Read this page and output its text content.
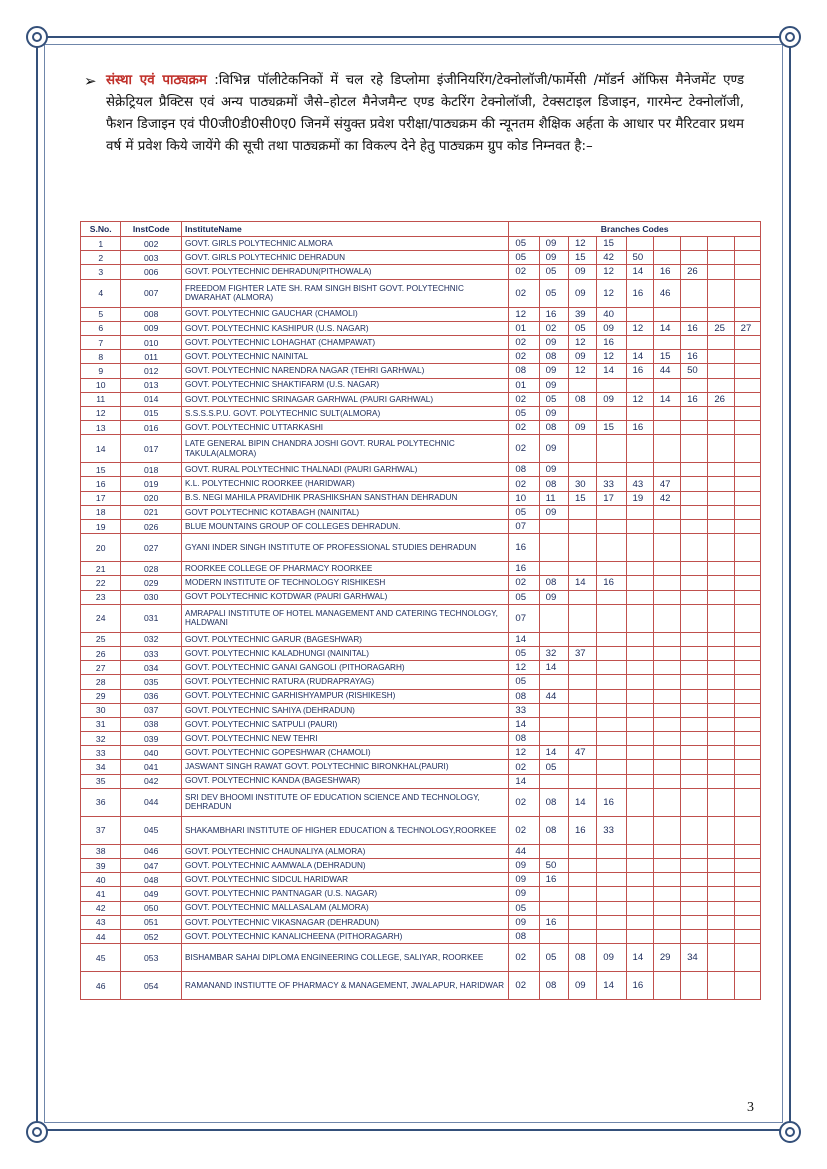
➢ संस्था एवं पाठ्यक्रम :विभिन्न पॉलीटेकनिकों में चल रहे डिप्लोमा इंजीनियरिंग/टेक्नोलॉजी/फार्मेसी /मॉडर्न ऑफिस मैनेजमेंट एण्ड सेक्रेट्रियल प्रैक्टिस एवं अन्य पाठ्यक्रमों जैसे–होटल मैनेजमैन्ट एण्ड केटरिंग टेक्नोलॉजी, टेक्सटाइल डिजाइन, गारमेन्ट टेक्नोलॉजी, फैशन डिजाइन एवं पी0जी0डी0सी0ए0 जिनमें संयुक्त प्रवेश परीक्षा/पाठ्यक्रम की न्यूनतम शैक्षिक अर्हता के आधार पर मैरिटवार प्रथम वर्ष में प्रवेश किये जायेंगे की सूची तथा पाठ्यक्रमों का विकल्प देने हेतु पाठ्यक्रम ग्रुप कोड निम्नवत है:–
S.No.	InstCode	InstituteName	Branches Codes								
1	002	GOVT. GIRLS POLYTECHNIC ALMORA	05	09	12	15					
2	003	GOVT. GIRLS POLYTECHNIC DEHRADUN	05	09	15	42	50				
3	006	GOVT. POLYTECHNIC DEHRADUN(PITHOWALA)	02	05	09	12	14	16	26		
4	007	FREEDOM FIGHTER LATE SH. RAM SINGH BISHT GOVT. POLYTECHNIC DWARAHAT (ALMORA)	02	05	09	12	16	46			
5	008	GOVT. POLYTECHNIC GAUCHAR (CHAMOLI)	12	16	39	40					
6	009	GOVT. POLYTECHNIC KASHIPUR (U.S. NAGAR)	01	02	05	09	12	14	16	25	27
7	010	GOVT. POLYTECHNIC LOHAGHAT (CHAMPAWAT)	02	09	12	16					
8	011	GOVT. POLYTECHNIC NAINITAL	02	08	09	12	14	15	16		
9	012	GOVT. POLYTECHNIC NARENDRA NAGAR (TEHRI GARHWAL)	08	09	12	14	16	44	50		
10	013	GOVT. POLYTECHNIC SHAKTIFARM (U.S. NAGAR)	01	09							
11	014	GOVT. POLYTECHNIC SRINAGAR GARHWAL (PAURI GARHWAL)	02	05	08	09	12	14	16	26	
12	015	S.S.S.S.P.U. GOVT. POLYTECHNIC SULT(ALMORA)	05	09							
13	016	GOVT. POLYTECHNIC UTTARKASHI	02	08	09	15	16				
14	017	LATE GENERAL BIPIN CHANDRA JOSHI GOVT. RURAL POLYTECHNIC TAKULA(ALMORA)	02	09							
15	018	GOVT. RURAL POLYTECHNIC THALNADI (PAURI GARHWAL)	08	09							
16	019	K.L. POLYTECHNIC ROORKEE (HARIDWAR)	02	08	30	33	43	47			
17	020	B.S. NEGI MAHILA PRAVIDHIK PRASHIKSHAN SANSTHAN DEHRADUN	10	11	15	17	19	42			
18	021	GOVT POLYTECHNIC KOTABAGH (NAINITAL)	05	09							
19	026	BLUE MOUNTAINS GROUP OF COLLEGES DEHRADUN.	07								
20	027	GYANI INDER SINGH INSTITUTE OF PROFESSIONAL STUDIES DEHRADUN	16								
21	028	ROORKEE COLLEGE OF PHARMACY ROORKEE	16								
22	029	MODERN INSTITUTE OF TECHNOLOGY RISHIKESH	02	08	14	16					
23	030	GOVT POLYTECHNIC KOTDWAR (PAURI GARHWAL)	05	09							
24	031	AMRAPALI INSTITUTE OF HOTEL MANAGEMENT AND CATERING TECHNOLOGY, HALDWANI	07								
25	032	GOVT. POLYTECHNIC GARUR (BAGESHWAR)	14								
26	033	GOVT. POLYTECHNIC KALADHUNGI (NAINITAL)	05	32	37						
27	034	GOVT. POLYTECHNIC GANAI GANGOLI (PITHORAGARH)	12	14							
28	035	GOVT. POLYTECHNIC RATURA (RUDRAPRAYAG)	05								
29	036	GOVT. POLYTECHNIC GARHISHYAMPUR (RISHIKESH)	08	44							
30	037	GOVT. POLYTECHNIC SAHIYA (DEHRADUN)	33								
31	038	GOVT. POLYTECHNIC SATPULI (PAURI)	14								
32	039	GOVT. POLYTECHNIC NEW TEHRI	08								
33	040	GOVT. POLYTECHNIC GOPESHWAR (CHAMOLI)	12	14	47						
34	041	JASWANT SINGH RAWAT GOVT. POLYTECHNIC BIRONKHAL(PAURI)	02	05							
35	042	GOVT. POLYTECHNIC KANDA (BAGESHWAR)	14								
36	044	SRI DEV BHOOMI INSTITUTE OF EDUCATION SCIENCE AND TECHNOLOGY, DEHRADUN	02	08	14	16					
37	045	SHAKAMBHARI INSTITUTE OF HIGHER EDUCATION & TECHNOLOGY,ROORKEE	02	08	16	33					
38	046	GOVT. POLYTECHNIC CHAUNALIYA (ALMORA)	44								
39	047	GOVT. POLYTECHNIC AAMWALA (DEHRADUN)	09	50							
40	048	GOVT. POLYTECHNIC SIDCUL HARIDWAR	09	16							
41	049	GOVT. POLYTECHNIC PANTNAGAR (U.S. NAGAR)	09								
42	050	GOVT. POLYTECHNIC MALLASALAM (ALMORA)	05								
43	051	GOVT. POLYTECHNIC VIKASNAGAR (DEHRADUN)	09	16							
44	052	GOVT. POLYTECHNIC KANALICHEENA (PITHORAGARH)	08								
45	053	BISHAMBAR SAHAI DIPLOMA ENGINEERING COLLEGE, SALIYAR, ROORKEE	02	05	08	09	14	29	34		
46	054	RAMANAND INSTIUTTE OF PHARMACY & MANAGEMENT, JWALAPUR, HARIDWAR	02	08	09	14	16				
3
